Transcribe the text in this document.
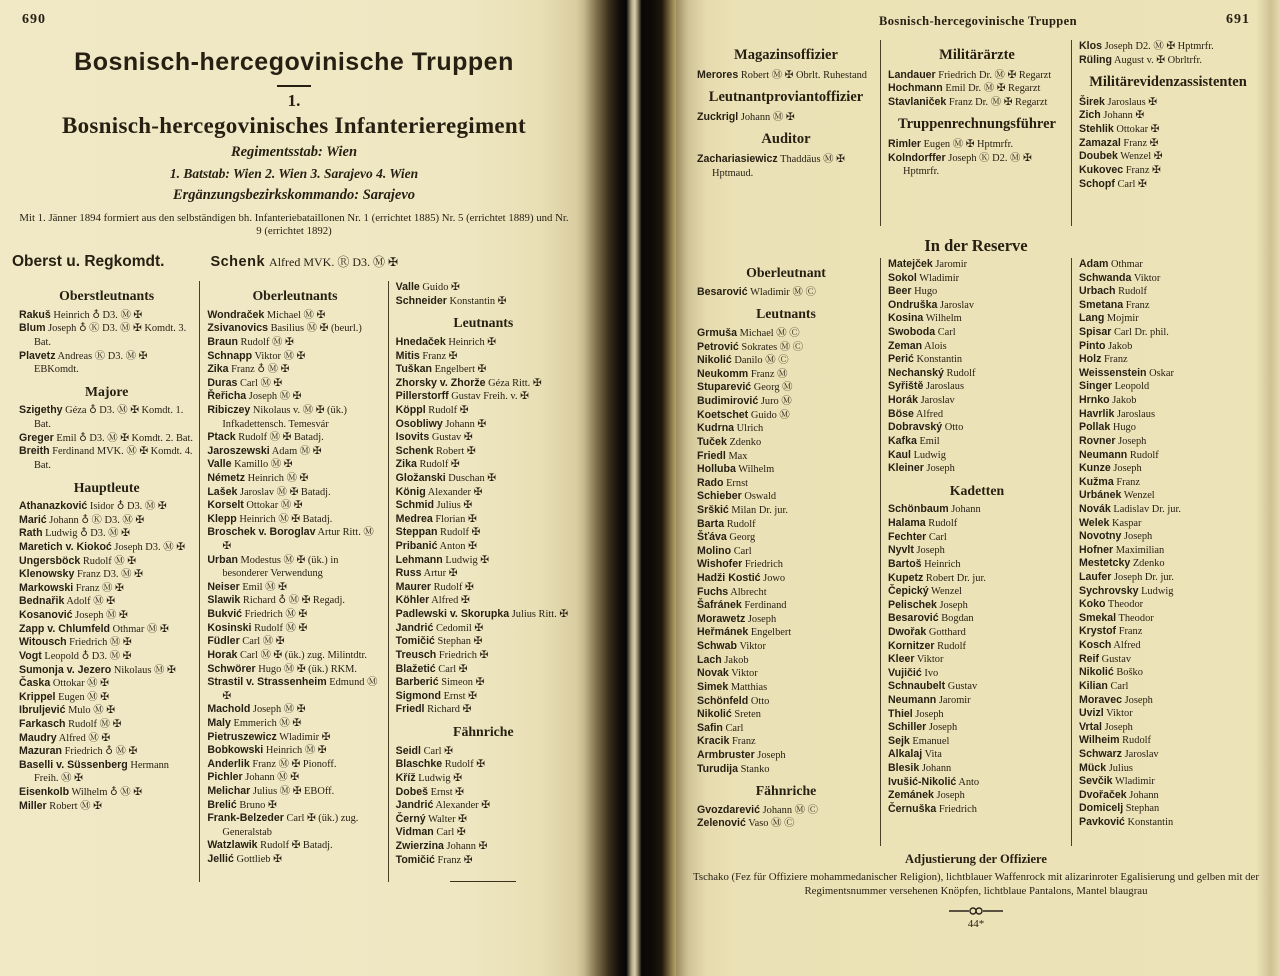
690
Bosnisch-hercegovinische Truppen
1.
Bosnisch-hercegovinisches Infanterieregiment
Regimentsstab: Wien
1. Batstab: Wien 2. Wien 3. Sarajevo 4. Wien
Ergänzungsbezirkskommando: Sarajevo
Mit 1. Jänner 1894 formiert aus den selbständigen bh. Infanteriebataillonen Nr. 1 (errichtet 1885) Nr. 5 (errichtet 1889) und Nr. 9 (errichtet 1892)
Oberst u. Regkomdt.	Schenk Alfred MVK. Ⓡ D3. Ⓜ ✠
Oberstleutnants
Rakuš Heinrich ♁ D3. Ⓜ ✠
Blum Joseph ♁ Ⓚ D3. Ⓜ ✠ Komdt. 3. Bat.
Plavetz Andreas Ⓚ D3. Ⓜ ✠ EBKomdt.
Majore
Szigethy Géza ♁ D3. Ⓜ ✠ Komdt. 1. Bat.
Greger Emil ♁ D3. Ⓜ ✠ Komdt. 2. Bat.
Breith Ferdinand MVK. Ⓜ ✠ Komdt. 4. Bat.
Hauptleute
Athanazković Isidor ♁ D3. Ⓜ ✠
Marić Johann ♁ Ⓚ D3. Ⓜ ✠
Rath Ludwig ♁ D3. Ⓜ ✠
Maretich v. Kiokoć Joseph D3. Ⓜ ✠
Ungersböck Rudolf Ⓜ ✠
Klenowsky Franz D3. Ⓜ ✠
Markowski Franz Ⓜ ✠
Bednařik Adolf Ⓜ ✠
Kosanović Joseph Ⓜ ✠
Zapp v. Chlumfeld Othmar Ⓜ ✠
Witousch Friedrich Ⓜ ✠
Vogt Leopold ♁ D3. Ⓜ ✠
Sumonja v. Jezero Nikolaus Ⓜ ✠
Časka Ottokar Ⓜ ✠
Krippel Eugen Ⓜ ✠
Ibruljević Mulo Ⓜ ✠
Farkasch Rudolf Ⓜ ✠
Maudry Alfred Ⓜ ✠
Mazuran Friedrich ♁ Ⓜ ✠
Baselli v. Süssenberg Hermann Freih. Ⓜ ✠
Eisenkolb Wilhelm ♁ Ⓜ ✠
Miller Robert Ⓜ ✠
Oberleutnants
Wondraček Michael Ⓜ ✠
Zsivanovics Basilius Ⓜ ✠ (beurl.)
Braun Rudolf Ⓜ ✠
Schnapp Viktor Ⓜ ✠
Zika Franz ♁ Ⓜ ✠
Duras Carl Ⓜ ✠
Řeřicha Joseph Ⓜ ✠
Ribiczey Nikolaus v. Ⓜ ✠ (ük.) Infkadettensch. Temesvár
Ptack Rudolf Ⓜ ✠ Batadj.
Jaroszewski Adam Ⓜ ✠
Valle Kamillo Ⓜ ✠
Németz Heinrich Ⓜ ✠
Lašek Jaroslav Ⓜ ✠ Batadj.
Korselt Ottokar Ⓜ ✠
Klepp Heinrich Ⓜ ✠ Batadj.
Broschek v. Boroglav Artur Ritt. Ⓜ ✠
Urban Modestus Ⓜ ✠ (ük.) in besonderer Verwendung
Neiser Emil Ⓜ ✠
Slawik Richard ♁ Ⓜ ✠ Regadj.
Bukvić Friedrich Ⓜ ✠
Kosinski Rudolf Ⓜ ✠
Füdler Carl Ⓜ ✠
Horak Carl Ⓜ ✠ (ük.) zug. Milintdtr.
Schwörer Hugo Ⓜ ✠ (ük.) RKM.
Strastil v. Strassenheim Edmund Ⓜ ✠
Machold Joseph Ⓜ ✠
Maly Emmerich Ⓜ ✠
Pietruszewicz Wladimir ✠
Bobkowski Heinrich Ⓜ ✠
Anderlik Franz Ⓜ ✠ Pionoff.
Pichler Johann Ⓜ ✠
Melichar Julius Ⓜ ✠ EBOff.
Brelić Bruno ✠
Frank-Belzeder Carl ✠ (ük.) zug. Generalstab
Watzlawik Rudolf ✠ Batadj.
Jellić Gottlieb ✠
Valle Guido ✠
Schneider Konstantin ✠
Leutnants
Hnedaček Heinrich ✠
Mitis Franz ✠
Tuškan Engelbert ✠
Zhorsky v. Zhorže Géza Ritt. ✠
Pillerstorff Gustav Freih. v. ✠
Köppl Rudolf ✠
Osobliwy Johann ✠
Isovits Gustav ✠
Schenk Robert ✠
Zika Rudolf ✠
Gložanski Duschan ✠
König Alexander ✠
Schmid Julius ✠
Medrea Florian ✠
Steppan Rudolf ✠
Pribanić Anton ✠
Lehmann Ludwig ✠
Russ Artur ✠
Maurer Rudolf ✠
Köhler Alfred ✠
Padlewski v. Skorupka Julius Ritt. ✠
Jandrić Cedomil ✠
Tomičić Stephan ✠
Treusch Friedrich ✠
Blažetić Carl ✠
Barberić Simeon ✠
Sigmond Ernst ✠
Friedl Richard ✠
Fähnriche
Seidl Carl ✠
Blaschke Rudolf ✠
Kříž Ludwig ✠
Dobeš Ernst ✠
Jandrić Alexander ✠
Černý Walter ✠
Vidman Carl ✠
Zwierzina Johann ✠
Tomičić Franz ✠
Bosnisch-hercegovinische Truppen	691
Magazinsoffizier
Merores Robert Ⓜ ✠ Obrlt. Ruhestand
Leutnantproviantoffizier
Zuckrigl Johann Ⓜ ✠
Auditor
Zachariasiewicz Thaddäus Ⓜ ✠ Hptmaud.
Militärärzte
Landauer Friedrich Dr. Ⓜ ✠ Regarzt
Hochmann Emil Dr. Ⓜ ✠ Regarzt
Stavlaniček Franz Dr. Ⓜ ✠ Regarzt
Truppenrechnungsführer
Rimler Eugen Ⓜ ✠ Hptmrfr.
Kolndorffer Joseph Ⓚ D2. Ⓜ ✠ Hptmrfr.
Klos Joseph D2. Ⓜ ✠ Hptmrfr.
Rüling August v. ✠ Obrltrfr.
Militärevidenzassistenten
Širek Jaroslaus ✠
Zich Johann ✠
Stehlik Ottokar ✠
Zamazal Franz ✠
Doubek Wenzel ✠
Kukovec Franz ✠
Schopf Carl ✠
In der Reserve
Oberleutnant
Besarović Wladimir Ⓜ Ⓒ
Leutnants
Grmuša Michael Ⓜ Ⓒ
Petrović Sokrates Ⓜ Ⓒ
Nikolić Danilo Ⓜ Ⓒ
Neukomm Franz Ⓜ
Stuparević Georg Ⓜ
Budimirović Juro Ⓜ
Koetschet Guido Ⓜ
Kudrna Ulrich
Tuček Zdenko
Friedl Max
Holluba Wilhelm
Rado Ernst
Schieber Oswald
Srškić Milan Dr. jur.
Barta Rudolf
Šťáva Georg
Molino Carl
Wishofer Friedrich
Hadži Kostić Jowo
Fuchs Albrecht
Šafránek Ferdinand
Morawetz Joseph
Heřmánek Engelbert
Schwab Viktor
Lach Jakob
Novak Viktor
Simek Matthias
Schönfeld Otto
Nikolić Sreten
Safin Carl
Kracik Franz
Armbruster Joseph
Turudija Stanko
Fähnriche
Gvozdarević Johann Ⓜ Ⓒ
Zelenović Vaso Ⓜ Ⓒ
Matejček Jaromir
Sokol Wladimir
Beer Hugo
Ondruška Jaroslav
Kosina Wilhelm
Swoboda Carl
Zeman Alois
Perić Konstantin
Nechanský Rudolf
Syřiště Jaroslaus
Horák Jaroslav
Böse Alfred
Dobravský Otto
Kafka Emil
Kaul Ludwig
Kleiner Joseph
Kadetten
Schönbaum Johann
Halama Rudolf
Fechter Carl
Nyvlt Joseph
Bartoš Heinrich
Kupetz Robert Dr. jur.
Čepický Wenzel
Pelischek Joseph
Besarović Bogdan
Dwořak Gotthard
Kornitzer Rudolf
Kleer Viktor
Vujičić Ivo
Schnaubelt Gustav
Neumann Jaromir
Thiel Joseph
Schiller Joseph
Sejk Emanuel
Alkalaj Vita
Blesik Johann
Ivušić-Nikolić Anto
Zemánek Joseph
Černuška Friedrich
Adam Othmar
Schwanda Viktor
Urbach Rudolf
Smetana Franz
Lang Mojmir
Spisar Carl Dr. phil.
Pinto Jakob
Holz Franz
Weissenstein Oskar
Singer Leopold
Hrnko Jakob
Havrlik Jaroslaus
Pollak Hugo
Rovner Joseph
Neumann Rudolf
Kunze Joseph
Kužma Franz
Urbánek Wenzel
Novák Ladislav Dr. jur.
Welek Kaspar
Novotny Joseph
Hofner Maximilian
Mestetcky Zdenko
Laufer Joseph Dr. jur.
Sychrovsky Ludwig
Koko Theodor
Smekal Theodor
Krystof Franz
Kosch Alfred
Reif Gustav
Nikolić Boško
Kilian Carl
Moravec Joseph
Uvizl Viktor
Vrtal Joseph
Wilheim Rudolf
Schwarz Jaroslav
Mück Julius
Sevčik Wladimir
Dvořaček Johann
Domicelj Stephan
Pavković Konstantin
Adjustierung der Offiziere
Tschako (Fez für Offiziere mohammedanischer Religion), lichtblauer Waffenrock mit alizarinroter Egalisierung und gelben mit der Regimentsnummer versehenen Knöpfen, lichtblaue Pantalons, Mantel blaugrau
44*
